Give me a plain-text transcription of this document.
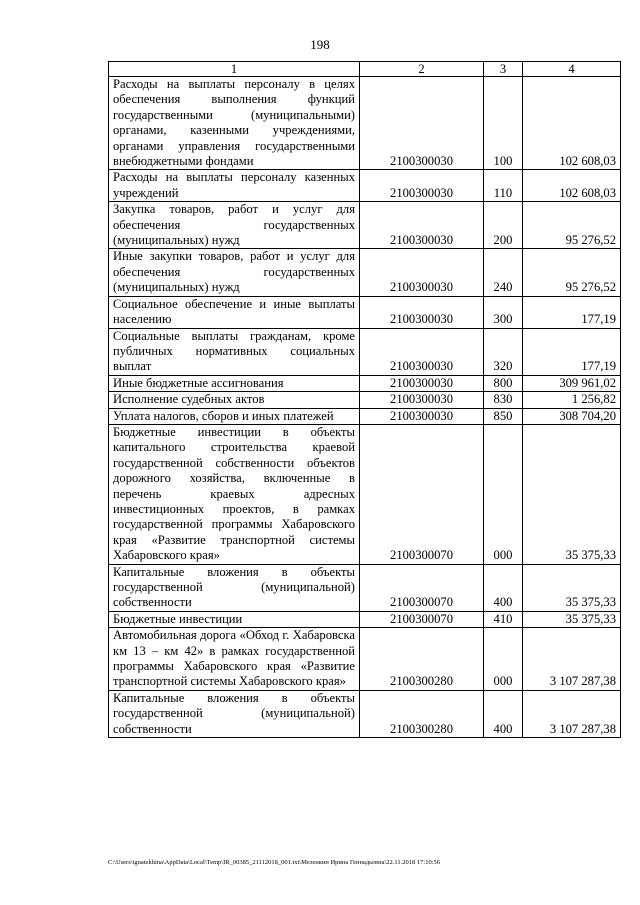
198
1	2	3	4
Расходы на выплаты персоналу в целях обеспечения выполнения функций государственными (муниципальными) органами, казенными учреждениями, органами управления государственными внебюджетными фондами	2100300030	100	102 608,03
Расходы на выплаты персоналу казенных учреждений	2100300030	110	102 608,03
Закупка товаров, работ и услуг для обеспечения государственных (муниципальных) нужд	2100300030	200	95 276,52
Иные закупки товаров, работ и услуг для обеспечения государственных (муниципальных) нужд	2100300030	240	95 276,52
Социальное обеспечение и иные выплаты населению	2100300030	300	177,19
Социальные выплаты гражданам, кроме публичных нормативных социальных выплат	2100300030	320	177,19
Иные бюджетные ассигнования	2100300030	800	309 961,02
Исполнение судебных актов	2100300030	830	1 256,82
Уплата налогов, сборов и иных платежей	2100300030	850	308 704,20
Бюджетные инвестиции в объекты капитального строительства краевой государственной собственности объектов дорожного хозяйства, включенные в перечень краевых адресных инвестиционных проектов, в рамках государственной программы Хабаровского края «Развитие транспортной системы Хабаровского края»	2100300070	000	35 375,33
Капитальные вложения в объекты государственной (муниципальной) собственности	2100300070	400	35 375,33
Бюджетные инвестиции	2100300070	410	35 375,33
Автомобильная дорога «Обход г. Хабаровска км 13 – км 42» в рамках государственной программы Хабаровского края «Развитие транспортной системы Хабаровского края»	2100300280	000	3 107 287,38
Капитальные вложения в объекты государственной (муниципальной) собственности	2100300280	400	3 107 287,38
C:\Users\ignatekhina\AppData\Local\Temp\IR_00385_21112018_001.txt\Мезенкин Ирина Геннадьевна\22.11.2018 17:10:56
